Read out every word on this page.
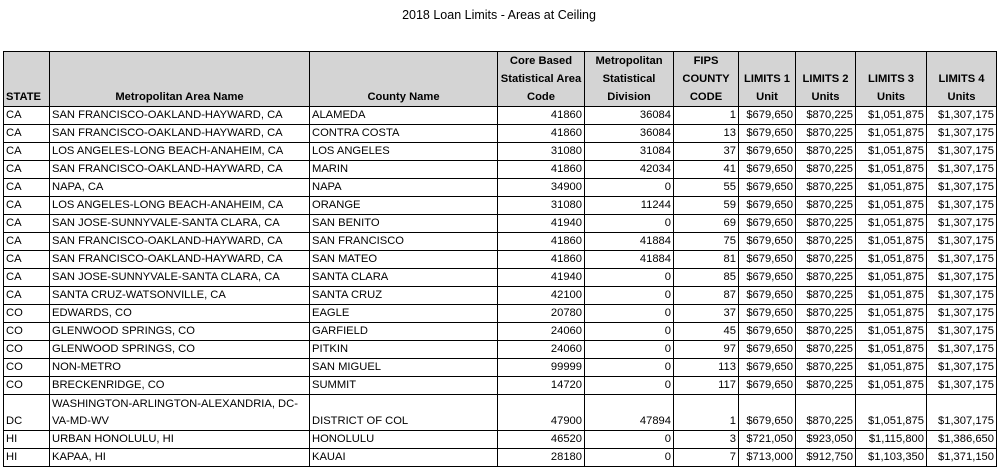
2018 Loan Limits - Areas at Ceiling
STATE	Metropolitan Area Name	County Name	Core Based Statistical Area Code	Metropolitan Statistical Division	FIPS COUNTY CODE	LIMITS 1 Unit	LIMITS 2 Units	LIMITS 3 Units	LIMITS 4 Units
CA	SAN FRANCISCO-OAKLAND-HAYWARD, CA	ALAMEDA	41860	36084	1	$679,650	$870,225	$1,051,875	$1,307,175
CA	SAN FRANCISCO-OAKLAND-HAYWARD, CA	CONTRA COSTA	41860	36084	13	$679,650	$870,225	$1,051,875	$1,307,175
CA	LOS ANGELES-LONG BEACH-ANAHEIM, CA	LOS ANGELES	31080	31084	37	$679,650	$870,225	$1,051,875	$1,307,175
CA	SAN FRANCISCO-OAKLAND-HAYWARD, CA	MARIN	41860	42034	41	$679,650	$870,225	$1,051,875	$1,307,175
CA	NAPA, CA	NAPA	34900	0	55	$679,650	$870,225	$1,051,875	$1,307,175
CA	LOS ANGELES-LONG BEACH-ANAHEIM, CA	ORANGE	31080	11244	59	$679,650	$870,225	$1,051,875	$1,307,175
CA	SAN JOSE-SUNNYVALE-SANTA CLARA, CA	SAN BENITO	41940	0	69	$679,650	$870,225	$1,051,875	$1,307,175
CA	SAN FRANCISCO-OAKLAND-HAYWARD, CA	SAN FRANCISCO	41860	41884	75	$679,650	$870,225	$1,051,875	$1,307,175
CA	SAN FRANCISCO-OAKLAND-HAYWARD, CA	SAN MATEO	41860	41884	81	$679,650	$870,225	$1,051,875	$1,307,175
CA	SAN JOSE-SUNNYVALE-SANTA CLARA, CA	SANTA CLARA	41940	0	85	$679,650	$870,225	$1,051,875	$1,307,175
CA	SANTA CRUZ-WATSONVILLE, CA	SANTA CRUZ	42100	0	87	$679,650	$870,225	$1,051,875	$1,307,175
CO	EDWARDS, CO	EAGLE	20780	0	37	$679,650	$870,225	$1,051,875	$1,307,175
CO	GLENWOOD SPRINGS, CO	GARFIELD	24060	0	45	$679,650	$870,225	$1,051,875	$1,307,175
CO	GLENWOOD SPRINGS, CO	PITKIN	24060	0	97	$679,650	$870,225	$1,051,875	$1,307,175
CO	NON-METRO	SAN MIGUEL	99999	0	113	$679,650	$870,225	$1,051,875	$1,307,175
CO	BRECKENRIDGE, CO	SUMMIT	14720	0	117	$679,650	$870,225	$1,051,875	$1,307,175
DC	WASHINGTON-ARLINGTON-ALEXANDRIA, DC-VA-MD-WV	DISTRICT OF COL	47900	47894	1	$679,650	$870,225	$1,051,875	$1,307,175
HI	URBAN HONOLULU, HI	HONOLULU	46520	0	3	$721,050	$923,050	$1,115,800	$1,386,650
HI	KAPAA, HI	KAUAI	28180	0	7	$713,000	$912,750	$1,103,350	$1,371,150
